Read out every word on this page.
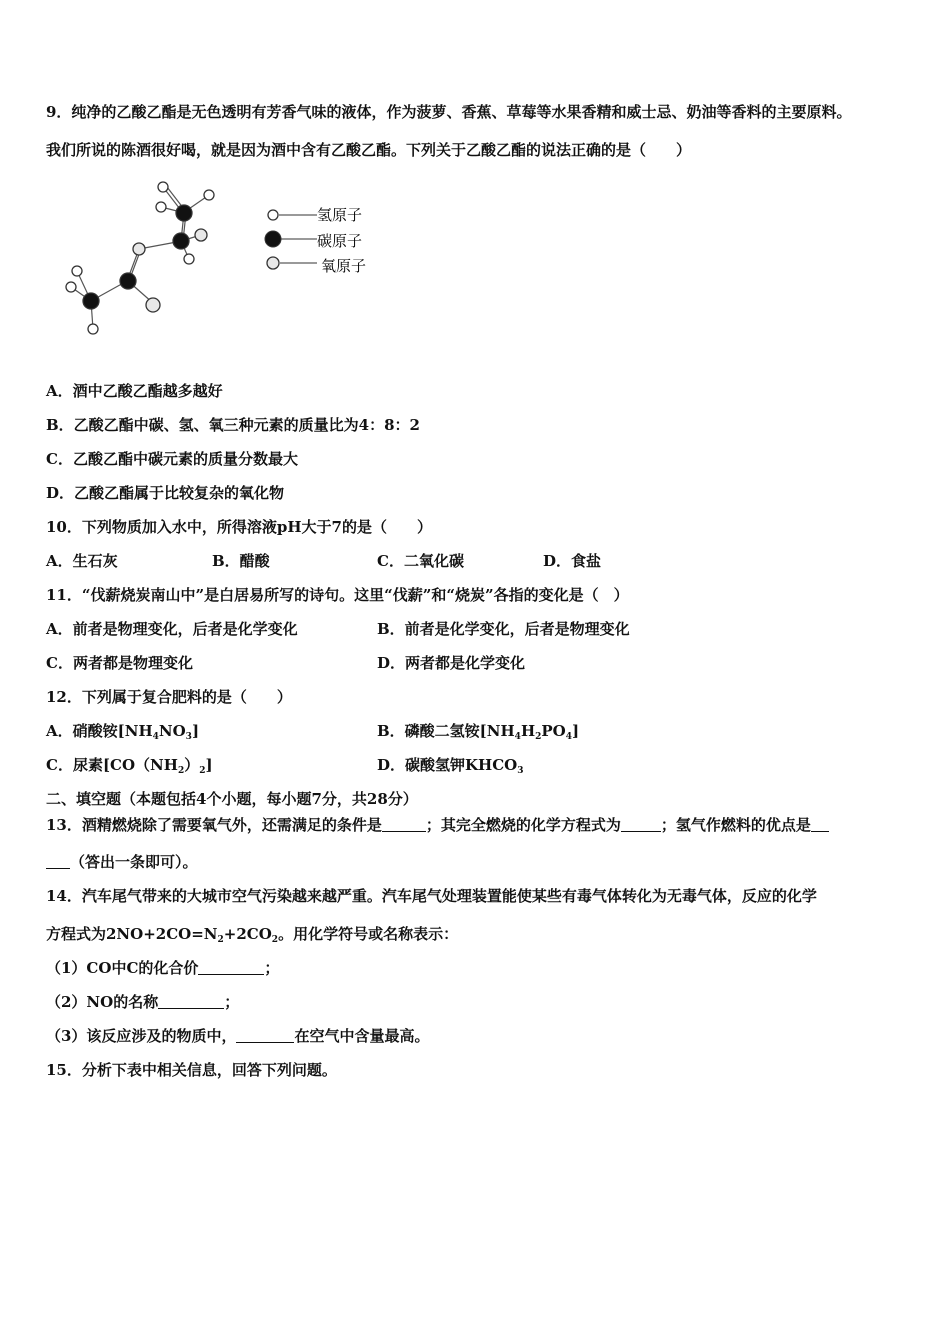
9．纯净的乙酸乙酯是无色透明有芳香气味的液体，作为菠萝、香蕉、草莓等水果香精和威士忌、奶油等香料的主要原料。
我们所说的陈酒很好喝，就是因为酒中含有乙酸乙酯。下列关于乙酸乙酯的说法正确的是（　　）
氢原子
碳原子
氧原子
A．酒中乙酸乙酯越多越好
B．乙酸乙酯中碳、氢、氧三种元素的质量比为4：8：2
C．乙酸乙酯中碳元素的质量分数最大
D．乙酸乙酯属于比较复杂的氧化物
10．下列物质加入水中，所得溶液pH大于7的是（　　）
A．生石灰	B．醋酸	C．二氧化碳	D．食盐
11．“伐薪烧炭南山中”是白居易所写的诗句。这里“伐薪”和“烧炭”各指的变化是（　）
A．前者是物理变化，后者是化学变化	B．前者是化学变化，后者是物理变化
C．两者都是物理变化	D．两者都是化学变化
12．下列属于复合肥料的是（　　）
A．硝酸铵$[NH_4NO_3]$	B．磷酸二氢铵$[NH_4H_2PO_4]$
C．尿素$[CO(NH_2)_2]$	D．碳酸氢钾$KHCO_3$
二、填空题（本题包括4个小题，每小题7分，共28分）
13．酒精燃烧除了需要氧气外，还需满足的条件是	；其完全燃烧的化学方程式为	；氢气作燃料的优点是
（答出一条即可）。
14．汽车尾气带来的大城市空气污染越来越严重。汽车尾气处理装置能使某些有毒气体转化为无毒气体，反应的化学
方程式为$2NO+2CO=N_2+2CO_2$。用化学符号或名称表示：
（1）CO中C的化合价	；
（2）NO的名称	；
（3）该反应涉及的物质中，	在空气中含量最高。
15．分析下表中相关信息，回答下列问题。
